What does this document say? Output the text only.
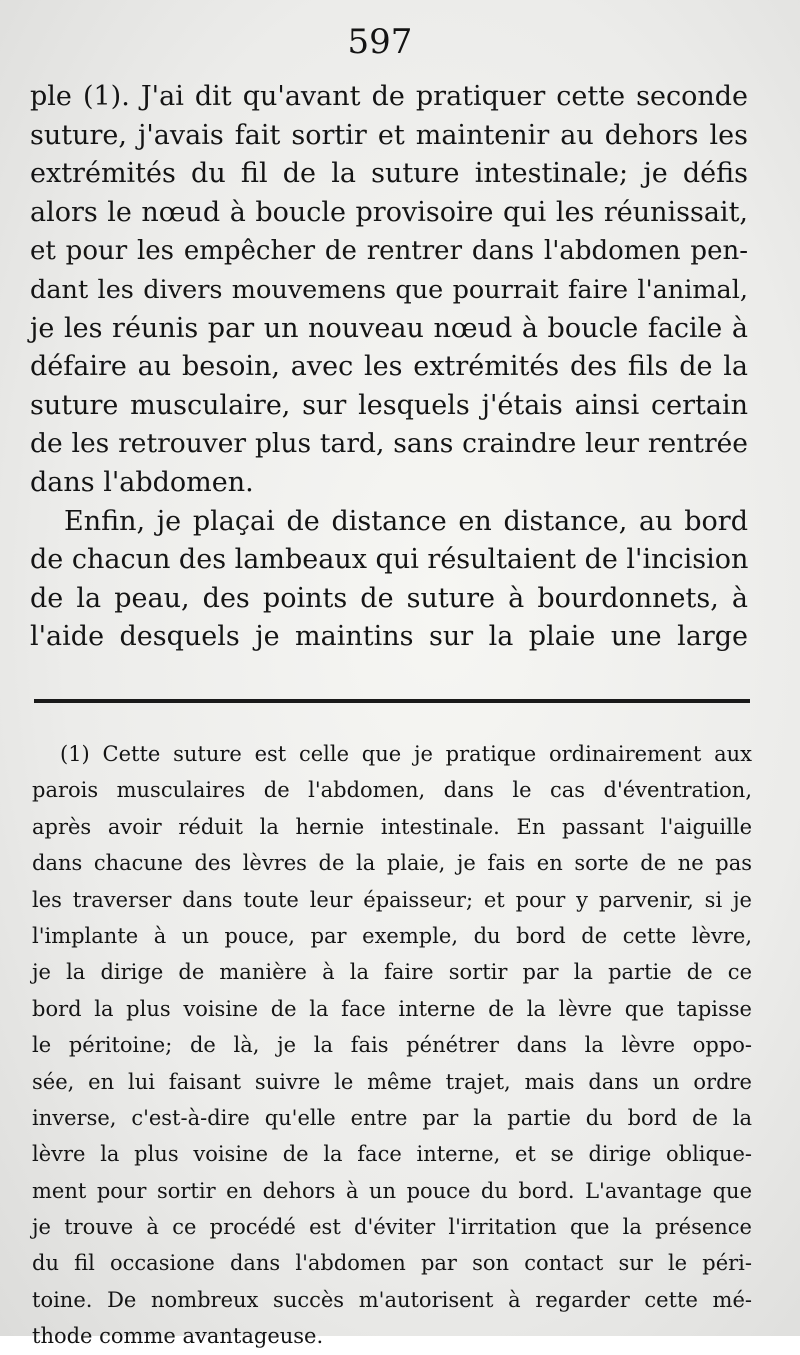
597
ple (1). J'ai dit qu'avant de pratiquer cette seconde
suture, j'avais fait sortir et maintenir au dehors les
extrémités du fil de la suture intestinale; je défis
alors le nœud à boucle provisoire qui les réunissait,
et pour les empêcher de rentrer dans l'abdomen pen-
dant les divers mouvemens que pourrait faire l'animal,
je les réunis par un nouveau nœud à boucle facile à
défaire au besoin, avec les extrémités des fils de la
suture musculaire, sur lesquels j'étais ainsi certain
de les retrouver plus tard, sans craindre leur rentrée
dans l'abdomen.
Enfin, je plaçai de distance en distance, au bord
de chacun des lambeaux qui résultaient de l'incision
de la peau, des points de suture à bourdonnets, à
l'aide desquels je maintins sur la plaie une large
(1) Cette suture est celle que je pratique ordinairement aux
parois musculaires de l'abdomen, dans le cas d'éventration,
après avoir réduit la hernie intestinale. En passant l'aiguille
dans chacune des lèvres de la plaie, je fais en sorte de ne pas
les traverser dans toute leur épaisseur; et pour y parvenir, si je
l'implante à un pouce, par exemple, du bord de cette lèvre,
je la dirige de manière à la faire sortir par la partie de ce
bord la plus voisine de la face interne de la lèvre que tapisse
le péritoine; de là, je la fais pénétrer dans la lèvre oppo-
sée, en lui faisant suivre le même trajet, mais dans un ordre
inverse, c'est-à-dire qu'elle entre par la partie du bord de la
lèvre la plus voisine de la face interne, et se dirige oblique-
ment pour sortir en dehors à un pouce du bord. L'avantage que
je trouve à ce procédé est d'éviter l'irritation que la présence
du fil occasione dans l'abdomen par son contact sur le péri-
toine. De nombreux succès m'autorisent à regarder cette mé-
thode comme avantageuse.
